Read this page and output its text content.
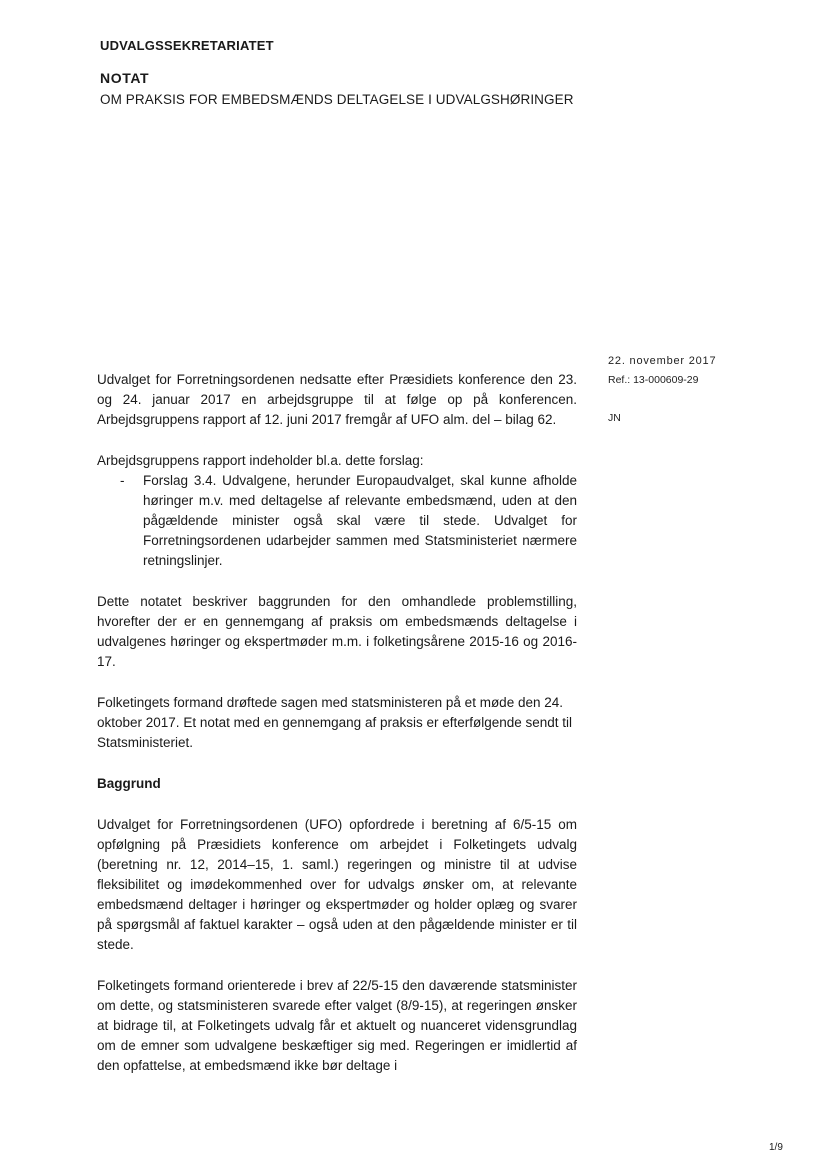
UDVALGSSEKRETARIATET
NOTAT
OM PRAKSIS FOR EMBEDSMÆNDS DELTAGELSE I UDVALGSHØRINGER
22. november 2017
Ref.: 13-000609-29
JN

Udvalget for Forretningsordenen nedsatte efter Præsidiets konference den 23. og 24. januar 2017 en arbejdsgruppe til at følge op på konferencen. Arbejdsgruppens rapport af 12. juni 2017 fremgår af UFO alm. del – bilag 62.

Arbejdsgruppens rapport indeholder bl.a. dette forslag:

-	Forslag 3.4. Udvalgene, herunder Europaudvalget, skal kunne afholde høringer m.v. med deltagelse af relevante embedsmænd, uden at den pågældende minister også skal være til stede. Udvalget for Forretningsordenen udarbejder sammen med Statsministeriet nærmere retningslinjer.

Dette notatet beskriver baggrunden for den omhandlede problemstilling, hvorefter der er en gennemgang af praksis om embedsmænds deltagelse i udvalgenes høringer og ekspertmøder m.m. i folketingsårene 2015-16 og 2016-17.

Folketingets formand drøftede sagen med statsministeren på et møde den 24. oktober 2017. Et notat med en gennemgang af praksis er efterfølgende sendt til Statsministeriet.

Baggrund

Udvalget for Forretningsordenen (UFO) opfordrede i beretning af 6/5-15 om opfølgning på Præsidiets konference om arbejdet i Folketingets udvalg (beretning nr. 12, 2014–15, 1. saml.) regeringen og ministre til at udvise fleksibilitet og imødekommenhed over for udvalgs ønsker om, at relevante embedsmænd deltager i høringer og ekspertmøder og holder oplæg og svarer på spørgsmål af faktuel karakter – også uden at den pågældende minister er til stede.

Folketingets formand orienterede i brev af 22/5-15 den daværende statsminister om dette, og statsministeren svarede efter valget (8/9-15), at regeringen ønsker at bidrage til, at Folketingets udvalg får et aktuelt og nuanceret vidensgrundlag om de emner som udvalgene beskæftiger sig med. Regeringen er imidlertid af den opfattelse, at embedsmænd ikke bør deltage i

1/9
